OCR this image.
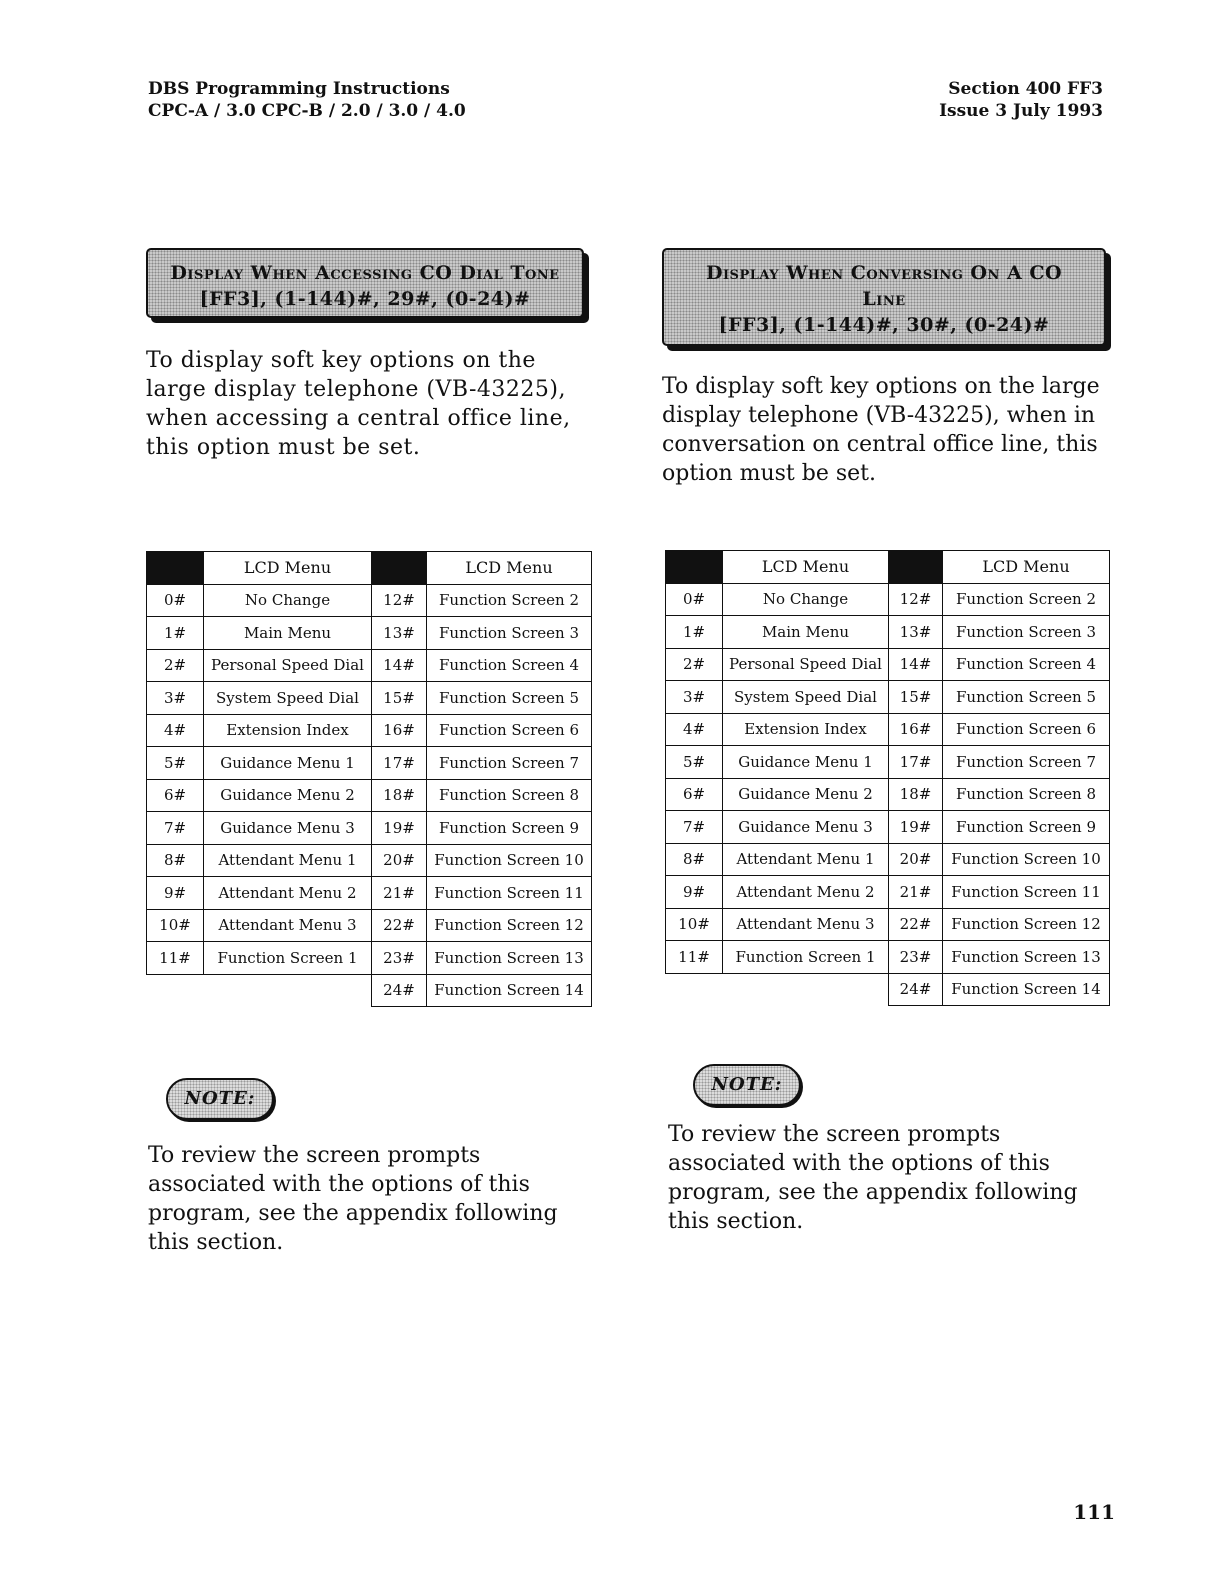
DBS Programming Instructions
CPC-A / 3.0 CPC-B / 2.0 / 3.0 / 4.0
Section 400 FF3
Issue 3 July 1993
Display When Accessing CO Dial Tone
[FF3], (1-144)#, 29#, (0-24)#
To display soft key options on the large display telephone (VB-43225), when accessing a central office line, this option must be set.
	LCD Menu		LCD Menu
0#	No Change	12#	Function Screen 2
1#	Main Menu	13#	Function Screen 3
2#	Personal Speed Dial	14#	Function Screen 4
3#	System Speed Dial	15#	Function Screen 5
4#	Extension Index	16#	Function Screen 6
5#	Guidance Menu 1	17#	Function Screen 7
6#	Guidance Menu 2	18#	Function Screen 8
7#	Guidance Menu 3	19#	Function Screen 9
8#	Attendant Menu 1	20#	Function Screen 10
9#	Attendant Menu 2	21#	Function Screen 11
10#	Attendant Menu 3	22#	Function Screen 12
11#	Function Screen 1	23#	Function Screen 13
		24#	Function Screen 14
NOTE:
To review the screen prompts associated with the options of this program, see the appendix following this section.
Display When Conversing On A CO
Line
[FF3], (1-144)#, 30#, (0-24)#
To display soft key options on the large display telephone (VB-43225), when in conversation on central office line, this option must be set.
	LCD Menu		LCD Menu
0#	No Change	12#	Function Screen 2
1#	Main Menu	13#	Function Screen 3
2#	Personal Speed Dial	14#	Function Screen 4
3#	System Speed Dial	15#	Function Screen 5
4#	Extension Index	16#	Function Screen 6
5#	Guidance Menu 1	17#	Function Screen 7
6#	Guidance Menu 2	18#	Function Screen 8
7#	Guidance Menu 3	19#	Function Screen 9
8#	Attendant Menu 1	20#	Function Screen 10
9#	Attendant Menu 2	21#	Function Screen 11
10#	Attendant Menu 3	22#	Function Screen 12
11#	Function Screen 1	23#	Function Screen 13
		24#	Function Screen 14
NOTE:
To review the screen prompts associated with the options of this program, see the appendix following this section.
111
